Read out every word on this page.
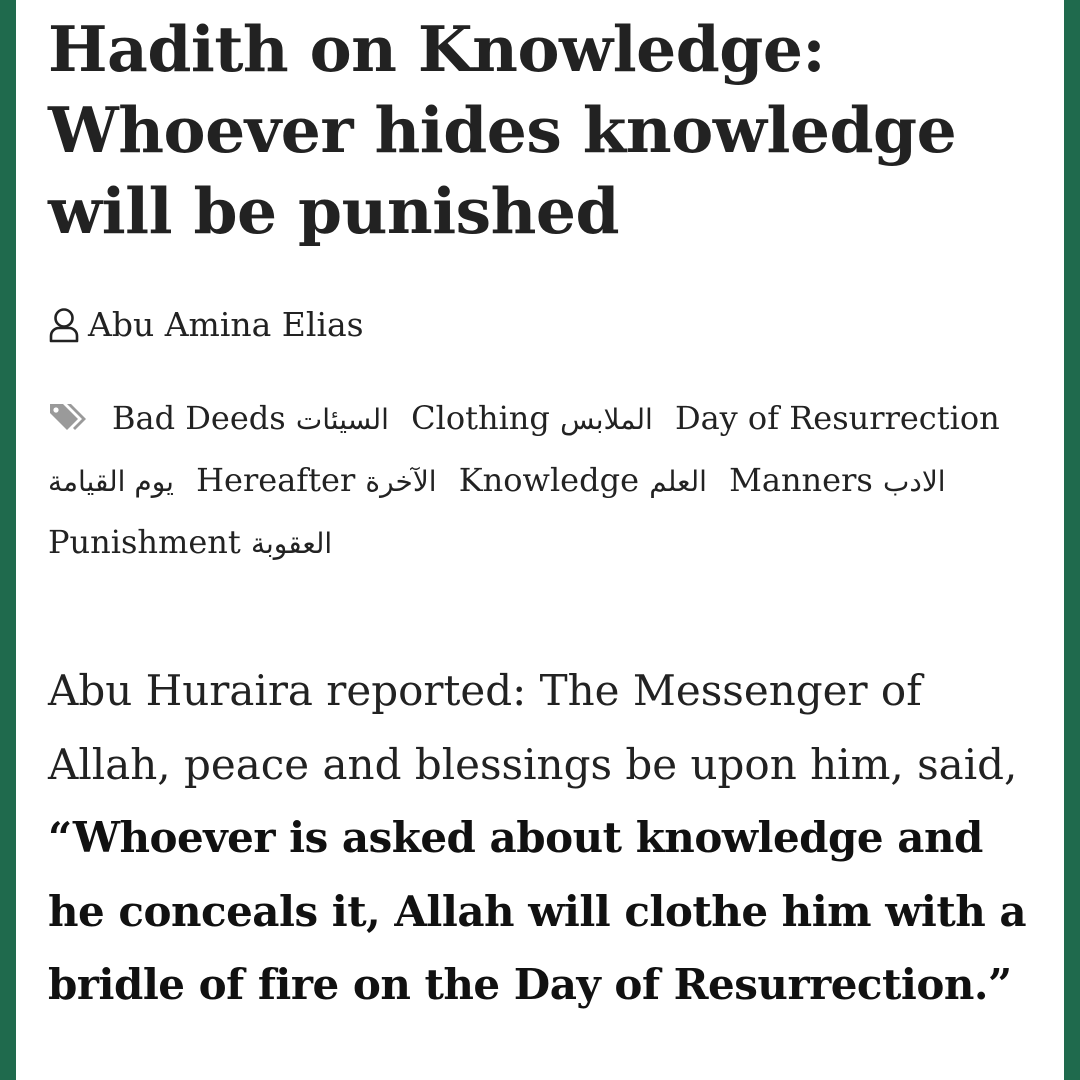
Hadith on Knowledge: Whoever hides knowledge will be punished
Abu Amina Elias
Bad Deeds السيئات Clothing الملابس Day of Resurrection يوم القيامة Hereafter الآخرة Knowledge العلم Manners الادب Punishment العقوبة

Abu Huraira reported: The Messenger of Allah, peace and blessings be upon him, said, “Whoever is asked about knowledge and he conceals it, Allah will clothe him with a bridle of fire on the Day of Resurrection.”
